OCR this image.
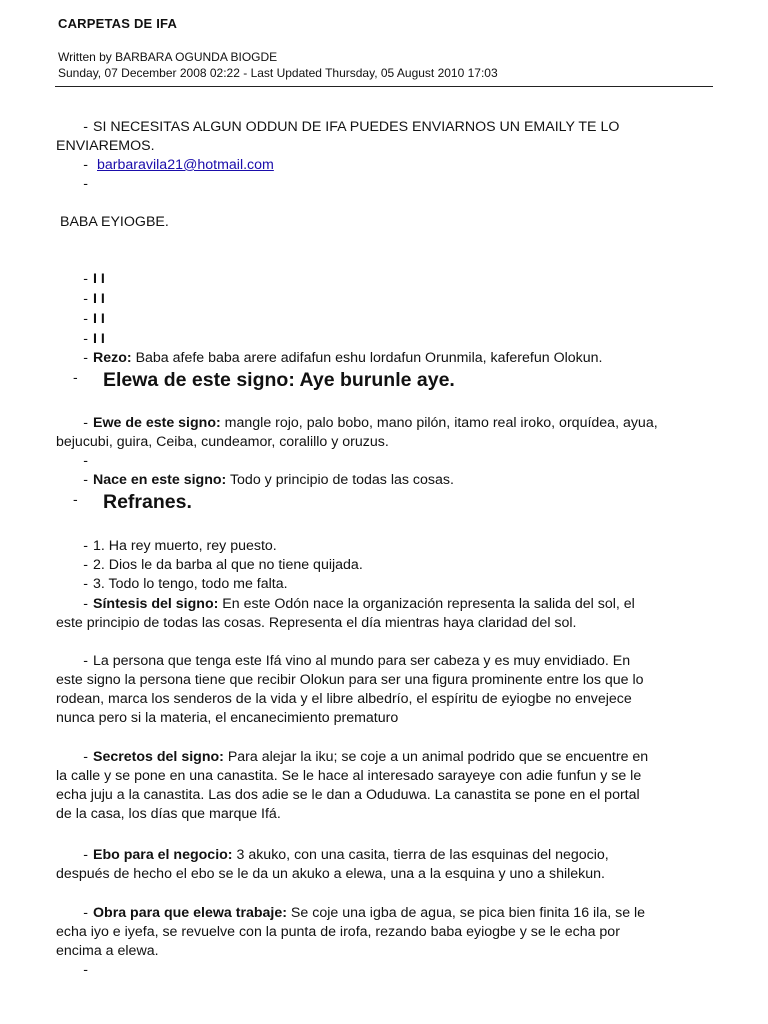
CARPETAS DE IFA
Written by BARBARA OGUNDA BIOGDE
Sunday, 07 December 2008 02:22 - Last Updated Thursday, 05 August 2010 17:03
- SI NECESITAS ALGUN ODDUN DE IFA PUEDES ENVIARNOS UN EMAILY TE LO
ENVIAREMOS.
- barbaravila21@hotmail.com
-
BABA EYIOGBE.
- I I
- I I
- I I
- I I
- Rezo: Baba afefe baba arere adifafun eshu lordafun Orunmila, kaferefun Olokun.
- Elewa de este signo: Aye burunle aye.
- Ewe de este signo: mangle rojo, palo bobo, mano pilón, itamo real iroko, orquídea, ayua,
bejucubi, guira, Ceiba, cundeamor, coralillo y oruzus.
-
- Nace en este signo: Todo y principio de todas las cosas.
- Refranes.
- 1. Ha rey muerto, rey puesto.
- 2. Dios le da barba al que no tiene quijada.
- 3. Todo lo tengo, todo me falta.
- Síntesis del signo: En este Odón nace la organización representa la salida del sol, el
este principio de todas las cosas. Representa el día mientras haya claridad del sol.
- La persona que tenga este Ifá vino al mundo para ser cabeza y es muy envidiado. En
este signo la persona tiene que recibir Olokun para ser una figura prominente entre los que lo
rodean, marca los senderos de la vida y el libre albedrío, el espíritu de eyiogbe no envejece
nunca pero si la materia, el encanecimiento prematuro
- Secretos del signo: Para alejar la iku; se coje a un animal podrido que se encuentre en
la calle y se pone en una canastita. Se le hace al interesado sarayeye con adie funfun y se le
echa juju a la canastita. Las dos adie se le dan a Oduduwa. La canastita se pone en el portal
de la casa, los días que marque Ifá.
- Ebo para el negocio: 3 akuko, con una casita, tierra de las esquinas del negocio,
después de hecho el ebo se le da un akuko a elewa, una a la esquina y uno a shilekun.
- Obra para que elewa trabaje: Se coje una igba de agua, se pica bien finita 16 ila, se le
echa iyo e iyefa, se revuelve con la punta de irofa, rezando baba eyiogbe y se le echa por
encima a elewa.
-
